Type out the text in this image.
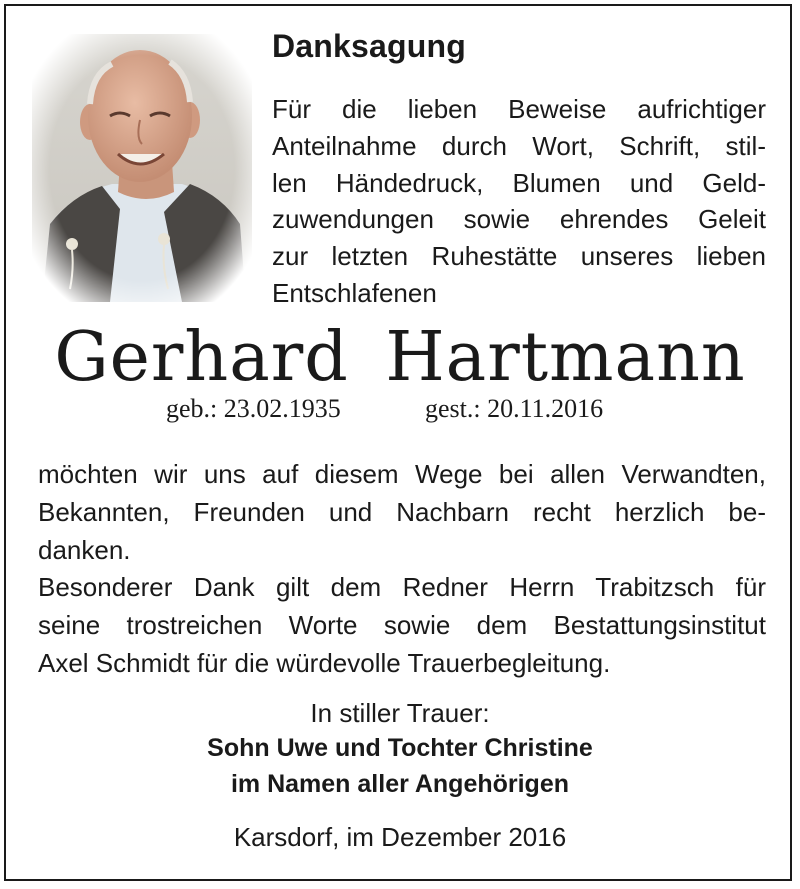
Danksagung
Für die lieben Beweise aufrichtiger
Anteilnahme durch Wort, Schrift, stil-
len Händedruck, Blumen und Geld-
zuwendungen sowie ehrendes Geleit
zur letzten Ruhestätte unseres lieben
Entschlafenen
Gerhard Hartmann
geb.: 23.02.1935	gest.: 20.11.2016
möchten wir uns auf diesem Wege bei allen Verwandten,
Bekannten, Freunden und Nachbarn recht herzlich be-
danken.
Besonderer Dank gilt dem Redner Herrn Trabitzsch für
seine trostreichen Worte sowie dem Bestattungsinstitut
Axel Schmidt für die würdevolle Trauerbegleitung.
In stiller Trauer:
Sohn Uwe und Tochter Christine
im Namen aller Angehörigen
Karsdorf, im Dezember 2016
